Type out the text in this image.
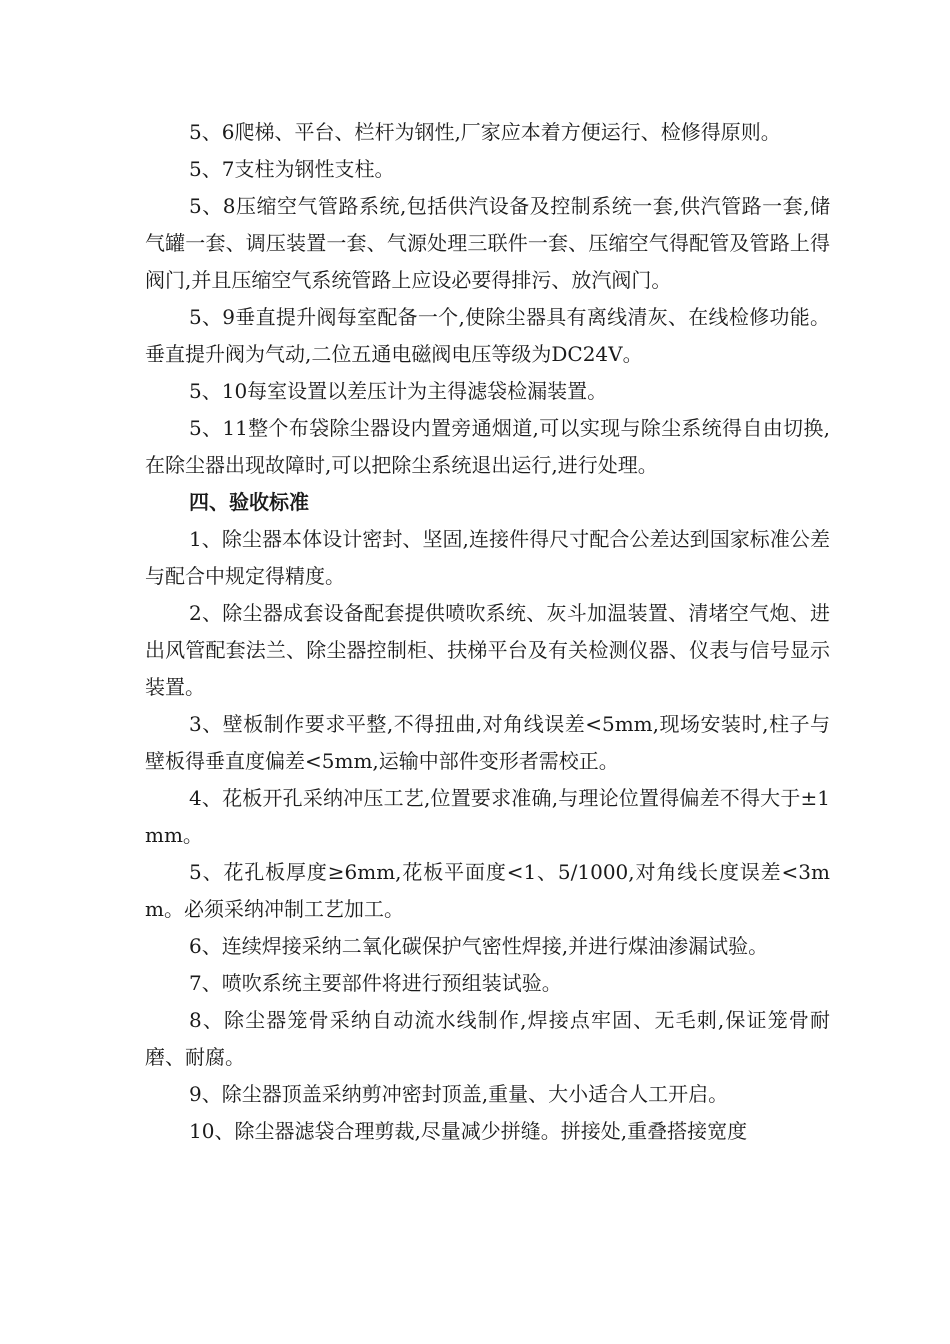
5、6爬梯、平台、栏杆为钢性,厂家应本着方便运行、检修得原则。

5、7支柱为钢性支柱。

5、8压缩空气管路系统,包括供汽设备及控制系统一套,供汽管路一套,储气罐一套、调压装置一套、气源处理三联件一套、压缩空气得配管及管路上得阀门,并且压缩空气系统管路上应设必要得排污、放汽阀门。

5、9垂直提升阀每室配备一个,使除尘器具有离线清灰、在线检修功能。垂直提升阀为气动,二位五通电磁阀电压等级为DC24V。

5、10每室设置以差压计为主得滤袋检漏装置。

5、11整个布袋除尘器设内置旁通烟道,可以实现与除尘系统得自由切换,在除尘器出现故障时,可以把除尘系统退出运行,进行处理。

四、验收标准

1、除尘器本体设计密封、坚固,连接件得尺寸配合公差达到国家标准公差与配合中规定得精度。

2、除尘器成套设备配套提供喷吹系统、灰斗加温装置、清堵空气炮、进出风管配套法兰、除尘器控制柜、扶梯平台及有关检测仪器、仪表与信号显示装置。

3、壁板制作要求平整,不得扭曲,对角线误差<5mm,现场安装时,柱子与壁板得垂直度偏差<5mm,运输中部件变形者需校正。

4、花板开孔采纳冲压工艺,位置要求准确,与理论位置得偏差不得大于±1mm。

5、花孔板厚度≥6mm,花板平面度<1、5/1000,对角线长度误差<3mm。必须采纳冲制工艺加工。

6、连续焊接采纳二氧化碳保护气密性焊接,并进行煤油渗漏试验。

7、喷吹系统主要部件将进行预组装试验。

8、除尘器笼骨采纳自动流水线制作,焊接点牢固、无毛刺,保证笼骨耐磨、耐腐。

9、除尘器顶盖采纳剪冲密封顶盖,重量、大小适合人工开启。

10、除尘器滤袋合理剪裁,尽量减少拼缝。拼接处,重叠搭接宽度
